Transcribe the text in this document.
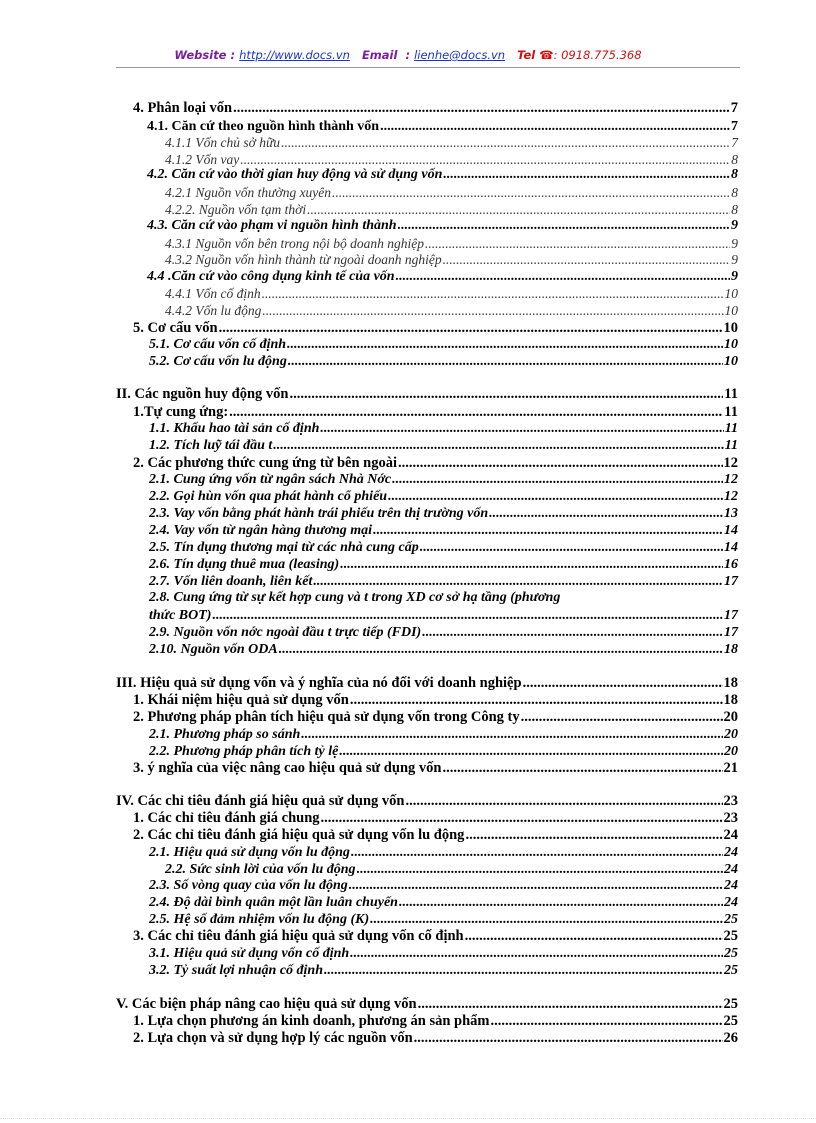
Website : http://www.docs.vn Email : lienhe@docs.vn Tel ☎: 0918.775.368
4. Phân loại vốn .....	7
4.1. Căn cứ theo nguồn hình thành vốn .....	7
4.1.1 Vốn chủ sở hữu .....	7
4.1.2 Vốn vay .....	8
4.2. Căn cứ vào thời gian huy động và sử dụng vốn .....	8
4.2.1 Nguồn vốn thường xuyên .....	8
4.2.2. Nguồn vốn tạm thời .....	8
4.3. Căn cứ vào phạm vi nguồn hình thành .....	9
4.3.1 Nguồn vốn bên trong nội bộ doanh nghiệp .....	9
4.3.2 Nguồn vốn hình thành từ ngoài doanh nghiệp .....	9
4.4 .Căn cứ vào công dụng kinh tế của vốn .....	9
4.4.1 Vốn cố định .....	10
4.4.2 Vốn lu động .....	10
5. Cơ cấu vốn .....	10
5.1. Cơ cấu vốn cố định .....	10
5.2. Cơ cấu vốn lu động .....	10
II. Các nguồn huy động vốn .....	11
1.Tự cung ứng: .....	11
1.1. Khấu hao tài sản cố định .....	11
1.2. Tích luỹ tái đầu t .....	11
2. Các phương thức cung ứng từ bên ngoài .....	12
2.1. Cung ứng vốn từ ngân sách Nhà Nớc .....	12
2.2. Gọi hùn vốn qua phát hành cổ phiếu .....	12
2.3. Vay vốn bằng phát hành trái phiếu trên thị trường vốn .....	13
2.4. Vay vốn từ ngân hàng thương mại .....	14
2.5. Tín dụng thương mại từ các nhà cung cấp .....	14
2.6. Tín dụng thuê mua (leasing) .....	16
2.7. Vốn liên doanh, liên kết .....	17
2.8. Cung ứng từ sự kết hợp cung và t trong XD cơ sở hạ tầng (phương
thức BOT) .....	17
2.9. Nguồn vốn nớc ngoài đầu t trực tiếp (FDI) .....	17
2.10. Nguồn vốn ODA .....	18
III. Hiệu quả sử dụng vốn và ý nghĩa của nó đối với doanh nghiệp .....	18
1. Khái niệm hiệu quả sử dụng vốn .....	18
2. Phương pháp phân tích hiệu quả sử dụng vốn trong Công ty .....	20
2.1. Phương pháp so sánh .....	20
2.2. Phương pháp phân tích tỷ lệ .....	20
3. ý nghĩa của việc nâng cao hiệu quả sử dụng vốn .....	21
IV. Các chỉ tiêu đánh giá hiệu quả sử dụng vốn .....	23
1. Các chỉ tiêu đánh giá chung .....	23
2. Các chỉ tiêu đánh giá hiệu quả sử dụng vốn lu động .....	24
2.1. Hiệu quả sử dụng vốn lu động .....	24
2.2. Sức sinh lời của vốn lu động .....	24
2.3. Số vòng quay của vốn lu động .....	24
2.4. Độ dài bình quân một lần luân chuyển .....	24
2.5. Hệ số đảm nhiệm vốn lu động (K) .....	25
3. Các chỉ tiêu đánh giá hiệu quả sử dụng vốn cố định .....	25
3.1. Hiệu quả sử dụng vốn cố định .....	25
3.2. Tỷ suất lợi nhuận cố định .....	25
V. Các biện pháp nâng cao hiệu quả sử dụng vốn .....	25
1. Lựa chọn phương án kinh doanh, phương án sản phẩm .....	25
2. Lựa chọn và sử dụng hợp lý các nguồn vốn .....	26
